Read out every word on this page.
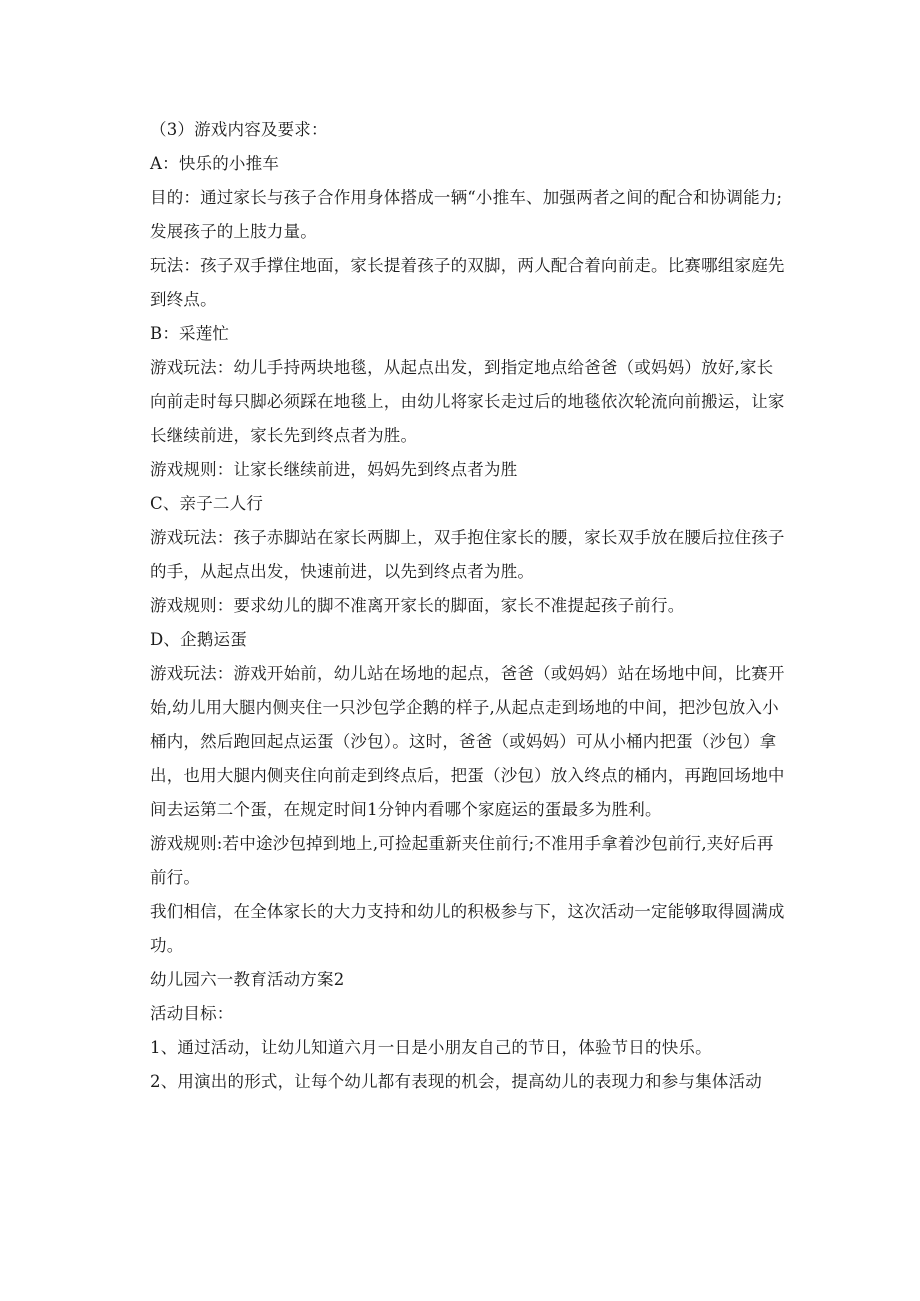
（3）游戏内容及要求：

A：快乐的小推车

目的：通过家长与孩子合作用身体搭成一辆“小推车、加强两者之间的配合和协调能力;发展孩子的上肢力量。

玩法：孩子双手撑住地面，家长提着孩子的双脚，两人配合着向前走。比赛哪组家庭先到终点。

B：采莲忙

游戏玩法：幼儿手持两块地毯，从起点出发，到指定地点给爸爸（或妈妈）放好,家长向前走时每只脚必须踩在地毯上，由幼儿将家长走过后的地毯依次轮流向前搬运，让家长继续前进，家长先到终点者为胜。

游戏规则：让家长继续前进，妈妈先到终点者为胜

C、亲子二人行

游戏玩法：孩子赤脚站在家长两脚上，双手抱住家长的腰，家长双手放在腰后拉住孩子的手，从起点出发，快速前进，以先到终点者为胜。

游戏规则：要求幼儿的脚不准离开家长的脚面，家长不准提起孩子前行。

D、企鹅运蛋

游戏玩法：游戏开始前，幼儿站在场地的起点，爸爸（或妈妈）站在场地中间，比赛开始,幼儿用大腿内侧夹住一只沙包学企鹅的样子,从起点走到场地的中间，把沙包放入小桶内，然后跑回起点运蛋（沙包）。这时，爸爸（或妈妈）可从小桶内把蛋（沙包）拿出，也用大腿内侧夹住向前走到终点后，把蛋（沙包）放入终点的桶内，再跑回场地中间去运第二个蛋，在规定时间1分钟内看哪个家庭运的蛋最多为胜利。

游戏规则:若中途沙包掉到地上,可捡起重新夹住前行;不准用手拿着沙包前行,夹好后再前行。

我们相信，在全体家长的大力支持和幼儿的积极参与下，这次活动一定能够取得圆满成功。

幼儿园六一教育活动方案2

活动目标：

1、通过活动，让幼儿知道六月一日是小朋友自己的节日，体验节日的快乐。

2、用演出的形式，让每个幼儿都有表现的机会，提高幼儿的表现力和参与集体活动
